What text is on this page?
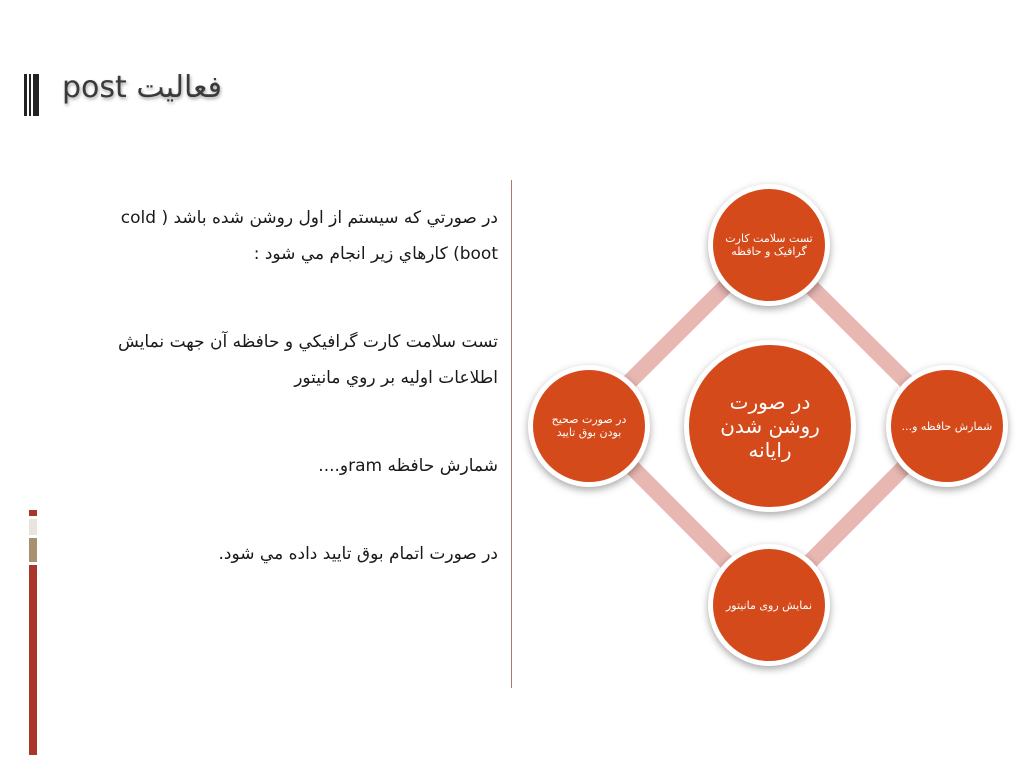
فعاليت post
در صورتي كه سيستم از اول روشن شده باشد ( cold
boot) كارهاي زير انجام مي شود :
تست سلامت كارت گرافيكي و حافظه آن جهت نمايش
اطلاعات اوليه بر روي مانيتور
شمارش حافظه ramو....
در صورت اتمام بوق تاييد داده مي شود.
در صورت روشن شدن رايانه
تست سلامت كارت گرافيک و حافظه
شمارش حافظه و...
نمايش روی مانيتور
در صورت صحيح بودن بوق تاييد
